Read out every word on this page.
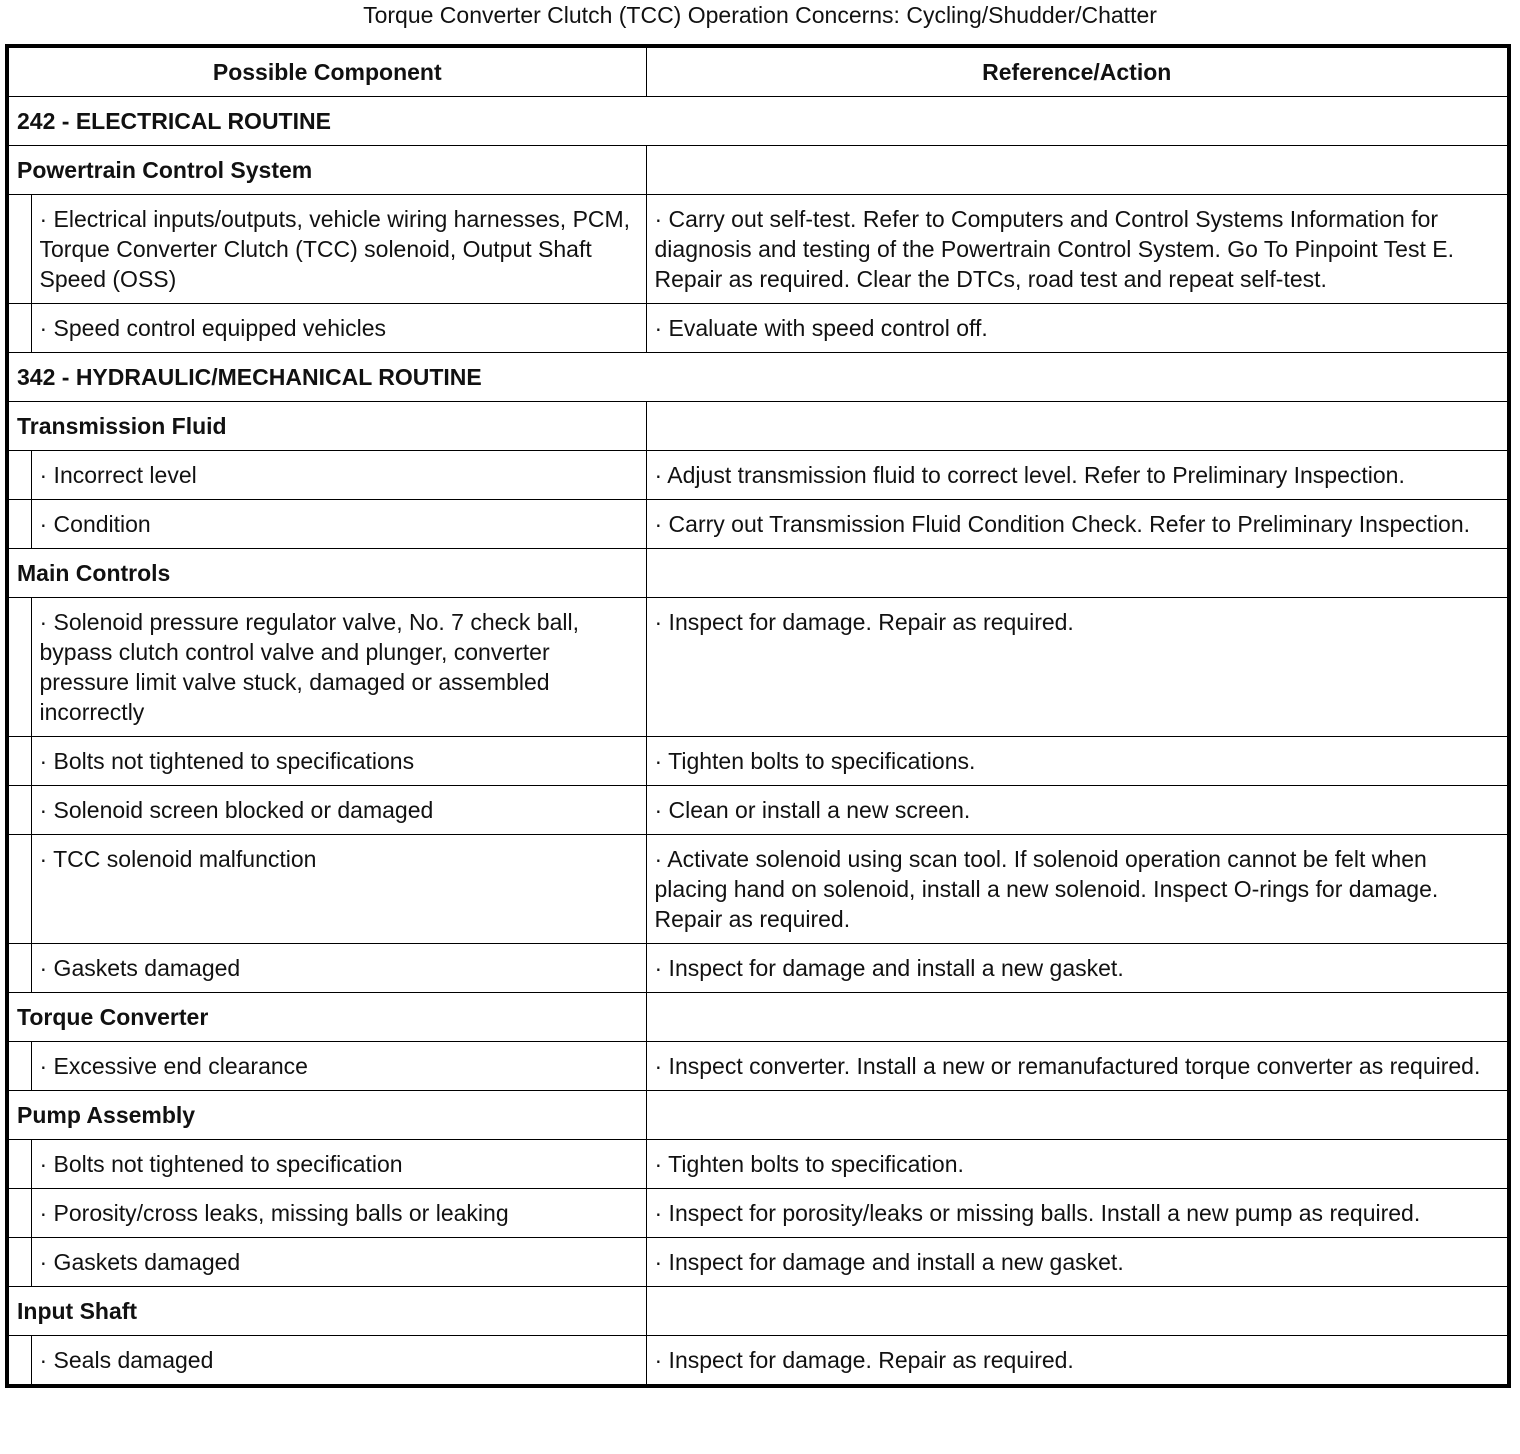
Torque Converter Clutch (TCC) Operation Concerns: Cycling/Shudder/Chatter
Possible Component		Reference/Action
242 - ELECTRICAL ROUTINE		
Powertrain Control System		
	· Electrical inputs/outputs, vehicle wiring harnesses, PCM, Torque Converter Clutch (TCC) solenoid, Output Shaft Speed (OSS)	· Carry out self-test. Refer to Computers and Control Systems Information for diagnosis and testing of the Powertrain Control System. Go To Pinpoint Test E. Repair as required. Clear the DTCs, road test and repeat self-test.
	· Speed control equipped vehicles	· Evaluate with speed control off.
342 - HYDRAULIC/MECHANICAL ROUTINE		
Transmission Fluid		
	· Incorrect level	· Adjust transmission fluid to correct level. Refer to Preliminary Inspection.
	· Condition	· Carry out Transmission Fluid Condition Check. Refer to Preliminary Inspection.
Main Controls		
	· Solenoid pressure regulator valve, No. 7 check ball, bypass clutch control valve and plunger, converter pressure limit valve stuck, damaged or assembled incorrectly	· Inspect for damage. Repair as required.
	· Bolts not tightened to specifications	· Tighten bolts to specifications.
	· Solenoid screen blocked or damaged	· Clean or install a new screen.
	· TCC solenoid malfunction	· Activate solenoid using scan tool. If solenoid operation cannot be felt when placing hand on solenoid, install a new solenoid. Inspect O-rings for damage. Repair as required.
	· Gaskets damaged	· Inspect for damage and install a new gasket.
Torque Converter		
	· Excessive end clearance	· Inspect converter. Install a new or remanufactured torque converter as required.
Pump Assembly		
	· Bolts not tightened to specification	· Tighten bolts to specification.
	· Porosity/cross leaks, missing balls or leaking	· Inspect for porosity/leaks or missing balls. Install a new pump as required.
	· Gaskets damaged	· Inspect for damage and install a new gasket.
Input Shaft		
	· Seals damaged	· Inspect for damage. Repair as required.
